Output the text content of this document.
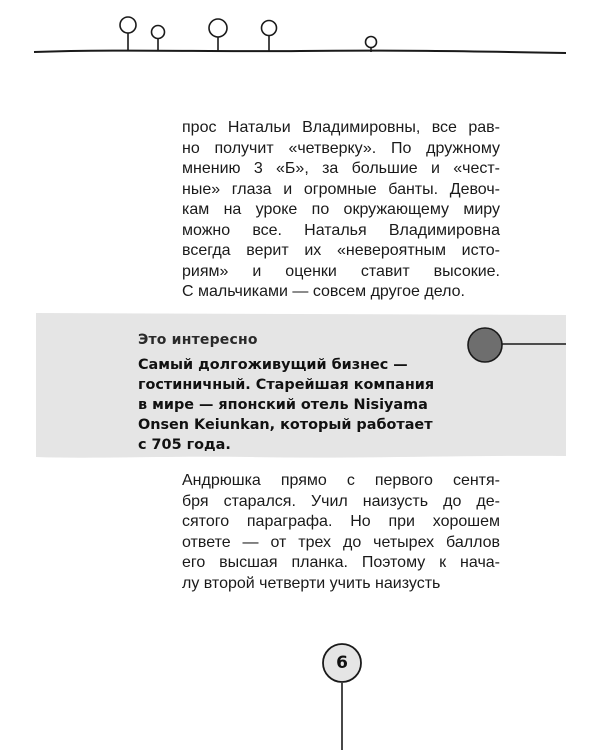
прос Натальи Владимировны, все рав-
но получит «четверку». По дружному
мнению 3 «Б», за большие и «чест-
ные» глаза и огромные банты. Девоч-
кам на уроке по окружающему миру
можно все. Наталья Владимировна
всегда верит их «невероятным исто-
риям» и оценки ставит высокие.
С мальчиками — совсем другое дело.

Это интересно

Самый долгоживущий бизнес —
гостиничный. Старейшая компания
в мире — японский отель Nisiyama
Onsen Keiunkan, который работает
с 705 года.

Андрюшка прямо с первого сентя-
бря старался. Учил наизусть до де-
сятого параграфа. Но при хорошем
ответе — от трех до четырех баллов
его высшая планка. Поэтому к нача-
лу второй четверти учить наизусть

6
